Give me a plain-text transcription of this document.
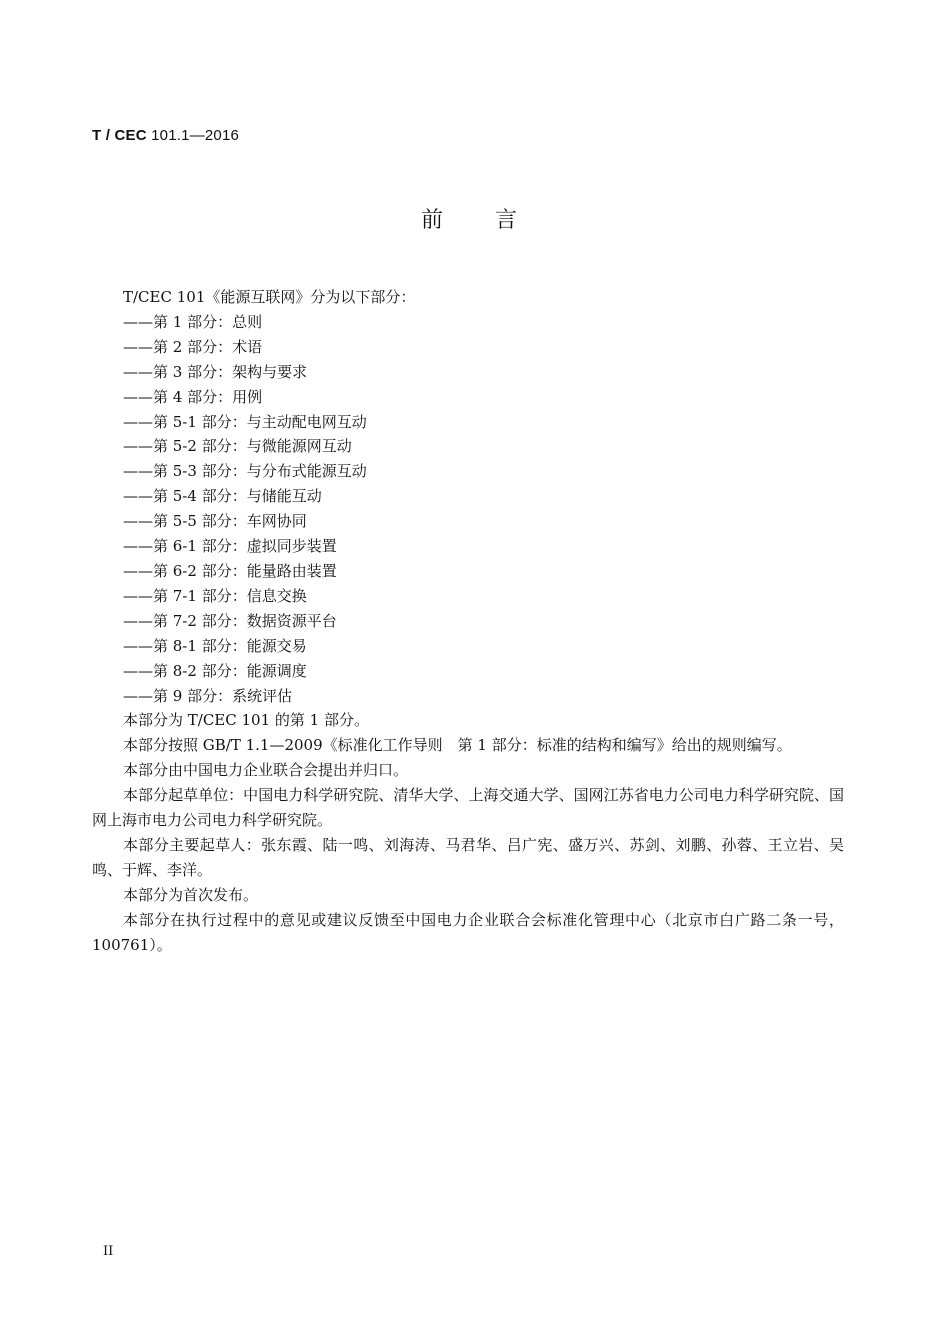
T / CEC 101.1—2016
前言

T/CEC 101《能源互联网》分为以下部分：

——第 1 部分：总则

——第 2 部分：术语

——第 3 部分：架构与要求

——第 4 部分：用例

——第 5-1 部分：与主动配电网互动

——第 5-2 部分：与微能源网互动

——第 5-3 部分：与分布式能源互动

——第 5-4 部分：与储能互动

——第 5-5 部分：车网协同

——第 6-1 部分：虚拟同步装置

——第 6-2 部分：能量路由装置

——第 7-1 部分：信息交换

——第 7-2 部分：数据资源平台

——第 8-1 部分：能源交易

——第 8-2 部分：能源调度

——第 9 部分：系统评估

本部分为 T/CEC 101 的第 1 部分。

本部分按照 GB/T 1.1—2009《标准化工作导则　第 1 部分：标准的结构和编写》给出的规则编写。

本部分由中国电力企业联合会提出并归口。

本部分起草单位：中国电力科学研究院、清华大学、上海交通大学、国网江苏省电力公司电力科学研究院、国网上海市电力公司电力科学研究院。

本部分主要起草人：张东霞、陆一鸣、刘海涛、马君华、吕广宪、盛万兴、苏剑、刘鹏、孙蓉、王立岩、吴鸣、于辉、李洋。

本部分为首次发布。

本部分在执行过程中的意见或建议反馈至中国电力企业联合会标准化管理中心（北京市白广路二条一号，100761）。

II
